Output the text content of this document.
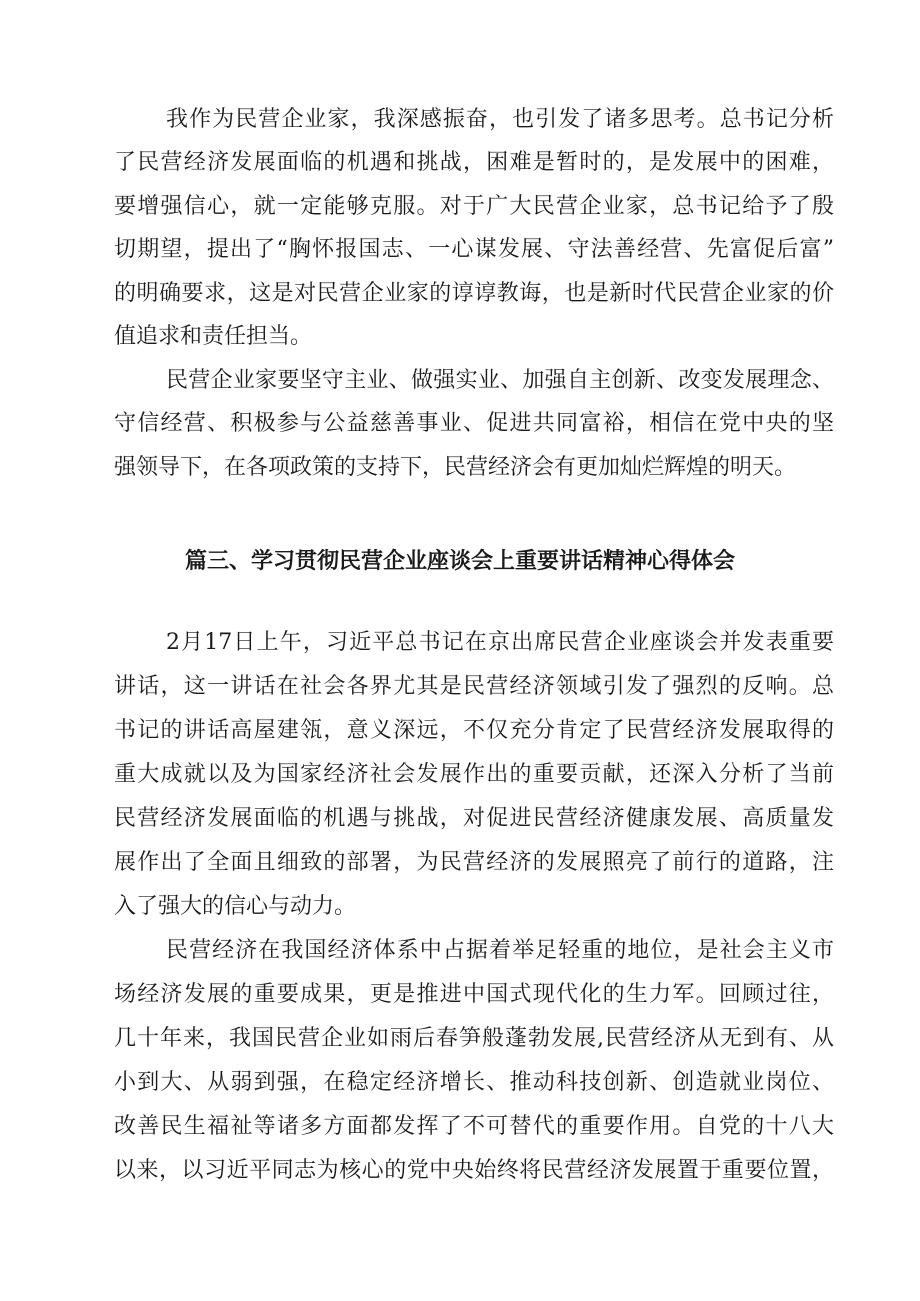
我作为民营企业家，我深感振奋，也引发了诸多思考。总书记分析
了民营经济发展面临的机遇和挑战，困难是暂时的，是发展中的困难，
要增强信心，就一定能够克服。对于广大民营企业家，总书记给予了殷
切期望，提出了“胸怀报国志、一心谋发展、守法善经营、先富促后富”
的明确要求，这是对民营企业家的谆谆教诲，也是新时代民营企业家的价
值追求和责任担当。
民营企业家要坚守主业、做强实业、加强自主创新、改变发展理念、
守信经营、积极参与公益慈善事业、促进共同富裕，相信在党中央的坚
强领导下，在各项政策的支持下，民营经济会有更加灿烂辉煌的明天。
篇三、学习贯彻民营企业座谈会上重要讲话精神心得体会
2月17日上午，习近平总书记在京出席民营企业座谈会并发表重要
讲话，这一讲话在社会各界尤其是民营经济领域引发了强烈的反响。总
书记的讲话高屋建瓴，意义深远，不仅充分肯定了民营经济发展取得的
重大成就以及为国家经济社会发展作出的重要贡献，还深入分析了当前
民营经济发展面临的机遇与挑战，对促进民营经济健康发展、高质量发
展作出了全面且细致的部署，为民营经济的发展照亮了前行的道路，注
入了强大的信心与动力。
民营经济在我国经济体系中占据着举足轻重的地位，是社会主义市
场经济发展的重要成果，更是推进中国式现代化的生力军。回顾过往，
几十年来，我国民营企业如雨后春笋般蓬勃发展,民营经济从无到有、从
小到大、从弱到强，在稳定经济增长、推动科技创新、创造就业岗位、
改善民生福祉等诸多方面都发挥了不可替代的重要作用。自党的十八大
以来，以习近平同志为核心的党中央始终将民营经济发展置于重要位置，
